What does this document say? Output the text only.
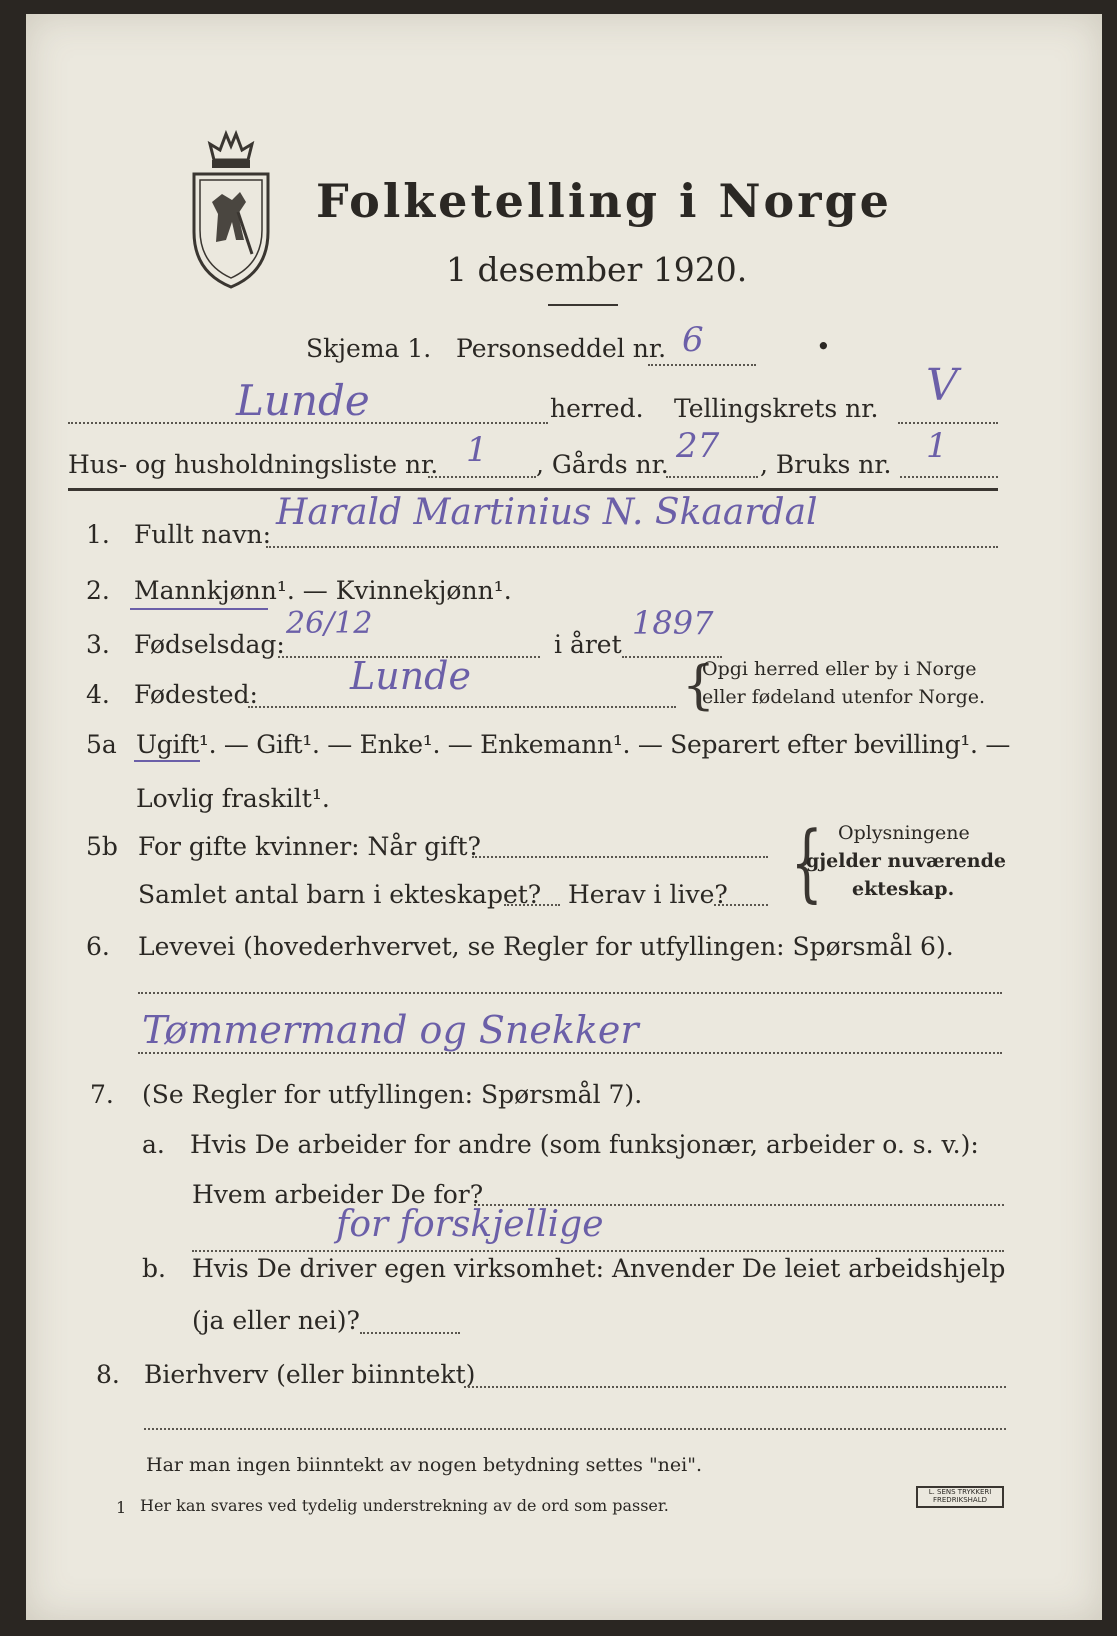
Folketelling i Norge
1 desember 1920.
Skjema 1. Personseddel nr. 6	•
Lunde	herred. Tellingskrets nr. V
Hus- og husholdningsliste nr. 1 , Gårds nr. 27 , Bruks nr. 1
1. Fullt navn:
Harald Martinius N. Skaardal
2. Mannkjønn¹. — Kvinnekjønn¹.
3. Fødselsdag:
26/12
i året
1897
4. Fødested: Lunde	{
Opgi herred eller by i Norge
eller fødeland utenfor Norge.
5a Ugift¹. — Gift¹. — Enke¹. — Enkemann¹. — Separert efter bevilling¹. —
Lovlig fraskilt¹.
5b For gifte kvinner: Når gift?
Samlet antal barn i ekteskapet? Herav i live? { Oplysningene
gjelder nuværende
ekteskap.
6. Levevei (hovederhvervet, se Regler for utfyllingen: Spørsmål 6).
Tømmermand og Snekker
7. (Se Regler for utfyllingen: Spørsmål 7).
a. Hvis De arbeider for andre (som funksjonær, arbeider o. s. v.):
Hvem arbeider De for?
for forskjellige
b. Hvis De driver egen virksomhet: Anvender De leiet arbeidshjelp
(ja eller nei)?
8. Bierhverv (eller biinntekt)
Har man ingen biinntekt av nogen betydning settes "nei".
1 Her kan svares ved tydelig understrekning av de ord som passer.
L. SENS TRYKKERI FREDRIKSHALD
